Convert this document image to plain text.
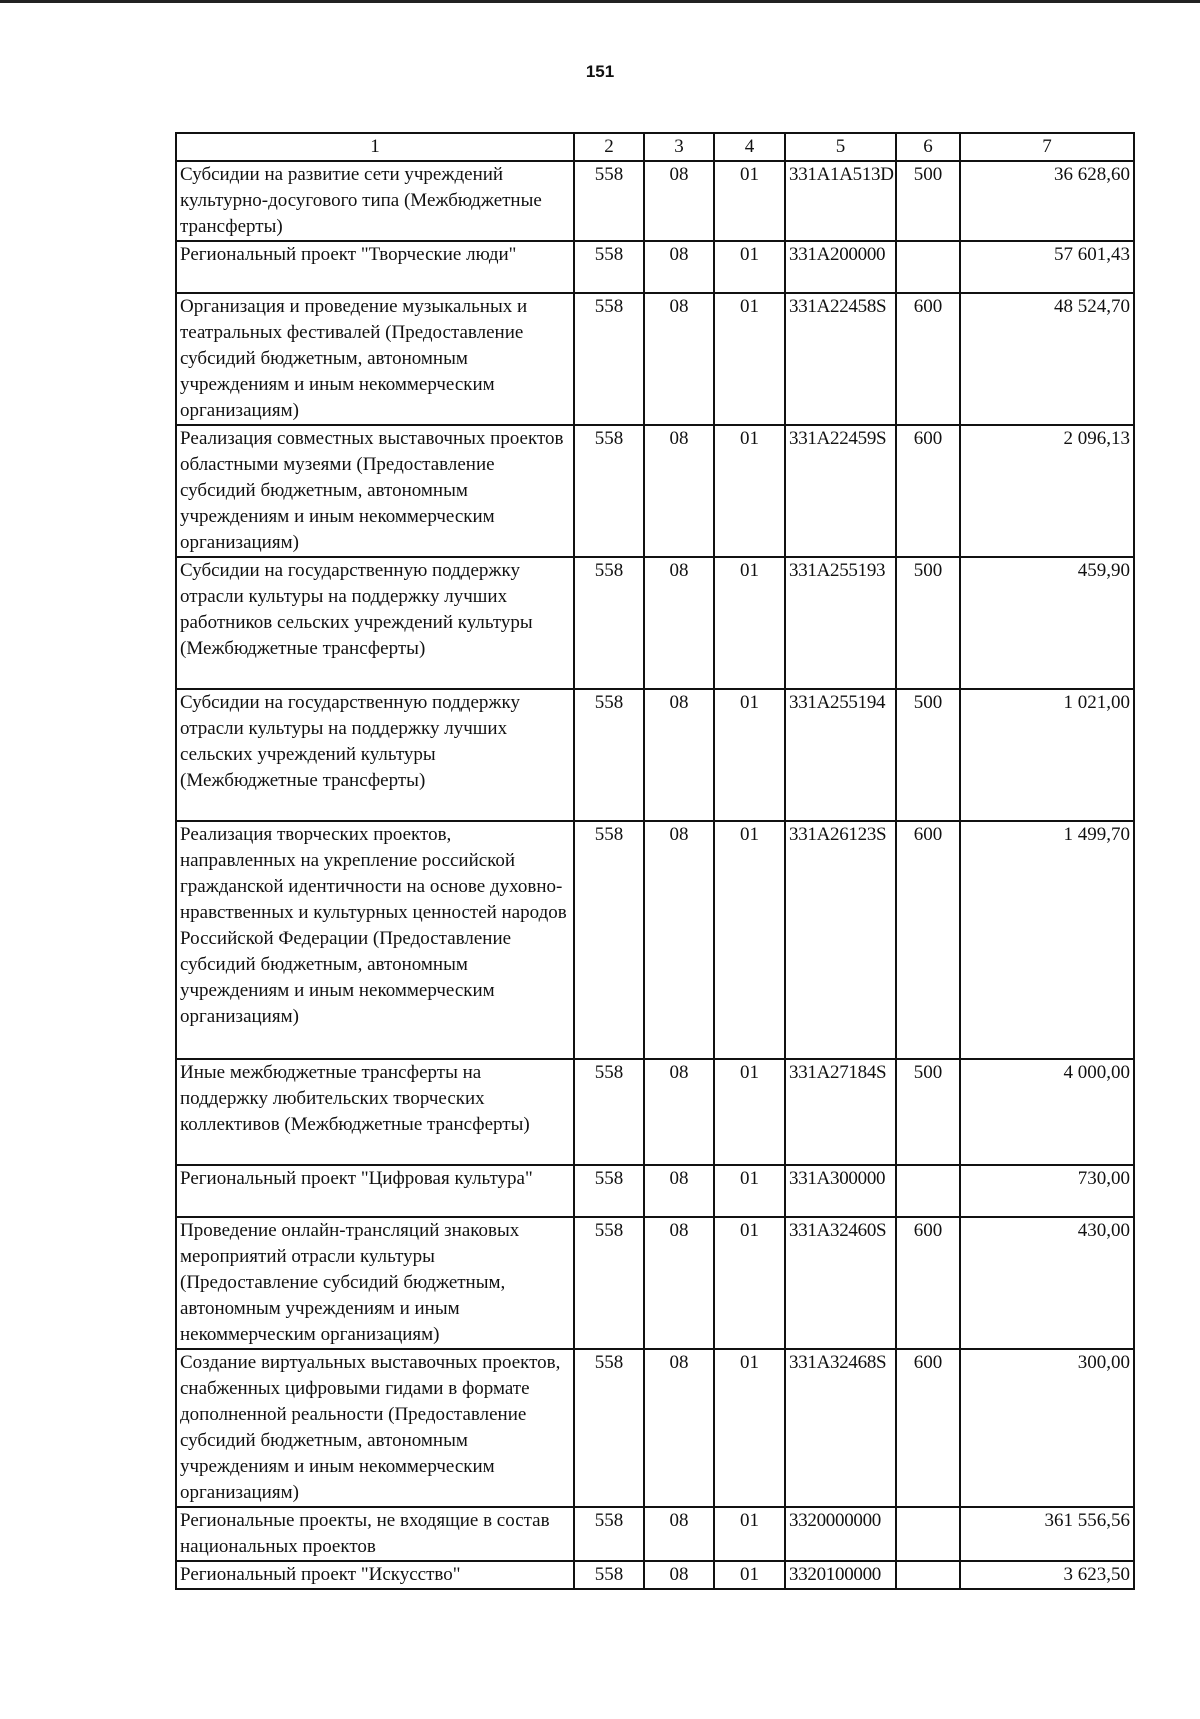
151
1	2	3	4	5	6	7
Субсидии на развитие сети учреждений культурно-досугового типа (Межбюджетные трансферты)	558	08	01	331A1A513D	500	36 628,60
Региональный проект "Творческие люди"	558	08	01	331A200000		57 601,43
Организация и проведение музыкальных и театральных фестивалей (Предоставление субсидий бюджетным, автономным учреждениям и иным некоммерческим организациям)	558	08	01	331A22458S	600	48 524,70
Реализация совместных выставочных проектов областными музеями (Предоставление субсидий бюджетным, автономным учреждениям и иным некоммерческим организациям)	558	08	01	331A22459S	600	2 096,13
Субсидии на государственную поддержку отрасли культуры на поддержку лучших работников сельских учреждений культуры (Межбюджетные трансферты)	558	08	01	331A255193	500	459,90
Субсидии на государственную поддержку отрасли культуры на поддержку лучших сельских учреждений культуры (Межбюджетные трансферты)	558	08	01	331A255194	500	1 021,00
Реализация творческих проектов, направленных на укрепление российской гражданской идентичности на основе духовно-нравственных и культурных ценностей народов Российской Федерации (Предоставление субсидий бюджетным, автономным учреждениям и иным некоммерческим организациям)	558	08	01	331A26123S	600	1 499,70
Иные межбюджетные трансферты на поддержку любительских творческих коллективов (Межбюджетные трансферты)	558	08	01	331A27184S	500	4 000,00
Региональный проект "Цифровая культура"	558	08	01	331A300000		730,00
Проведение онлайн-трансляций знаковых мероприятий отрасли культуры (Предоставление субсидий бюджетным, автономным учреждениям и иным некоммерческим организациям)	558	08	01	331A32460S	600	430,00
Создание виртуальных выставочных проектов, снабженных цифровыми гидами в формате дополненной реальности (Предоставление субсидий бюджетным, автономным учреждениям и иным некоммерческим организациям)	558	08	01	331A32468S	600	300,00
Региональные проекты, не входящие в состав национальных проектов	558	08	01	3320000000		361 556,56
Региональный проект "Искусство"	558	08	01	3320100000		3 623,50
